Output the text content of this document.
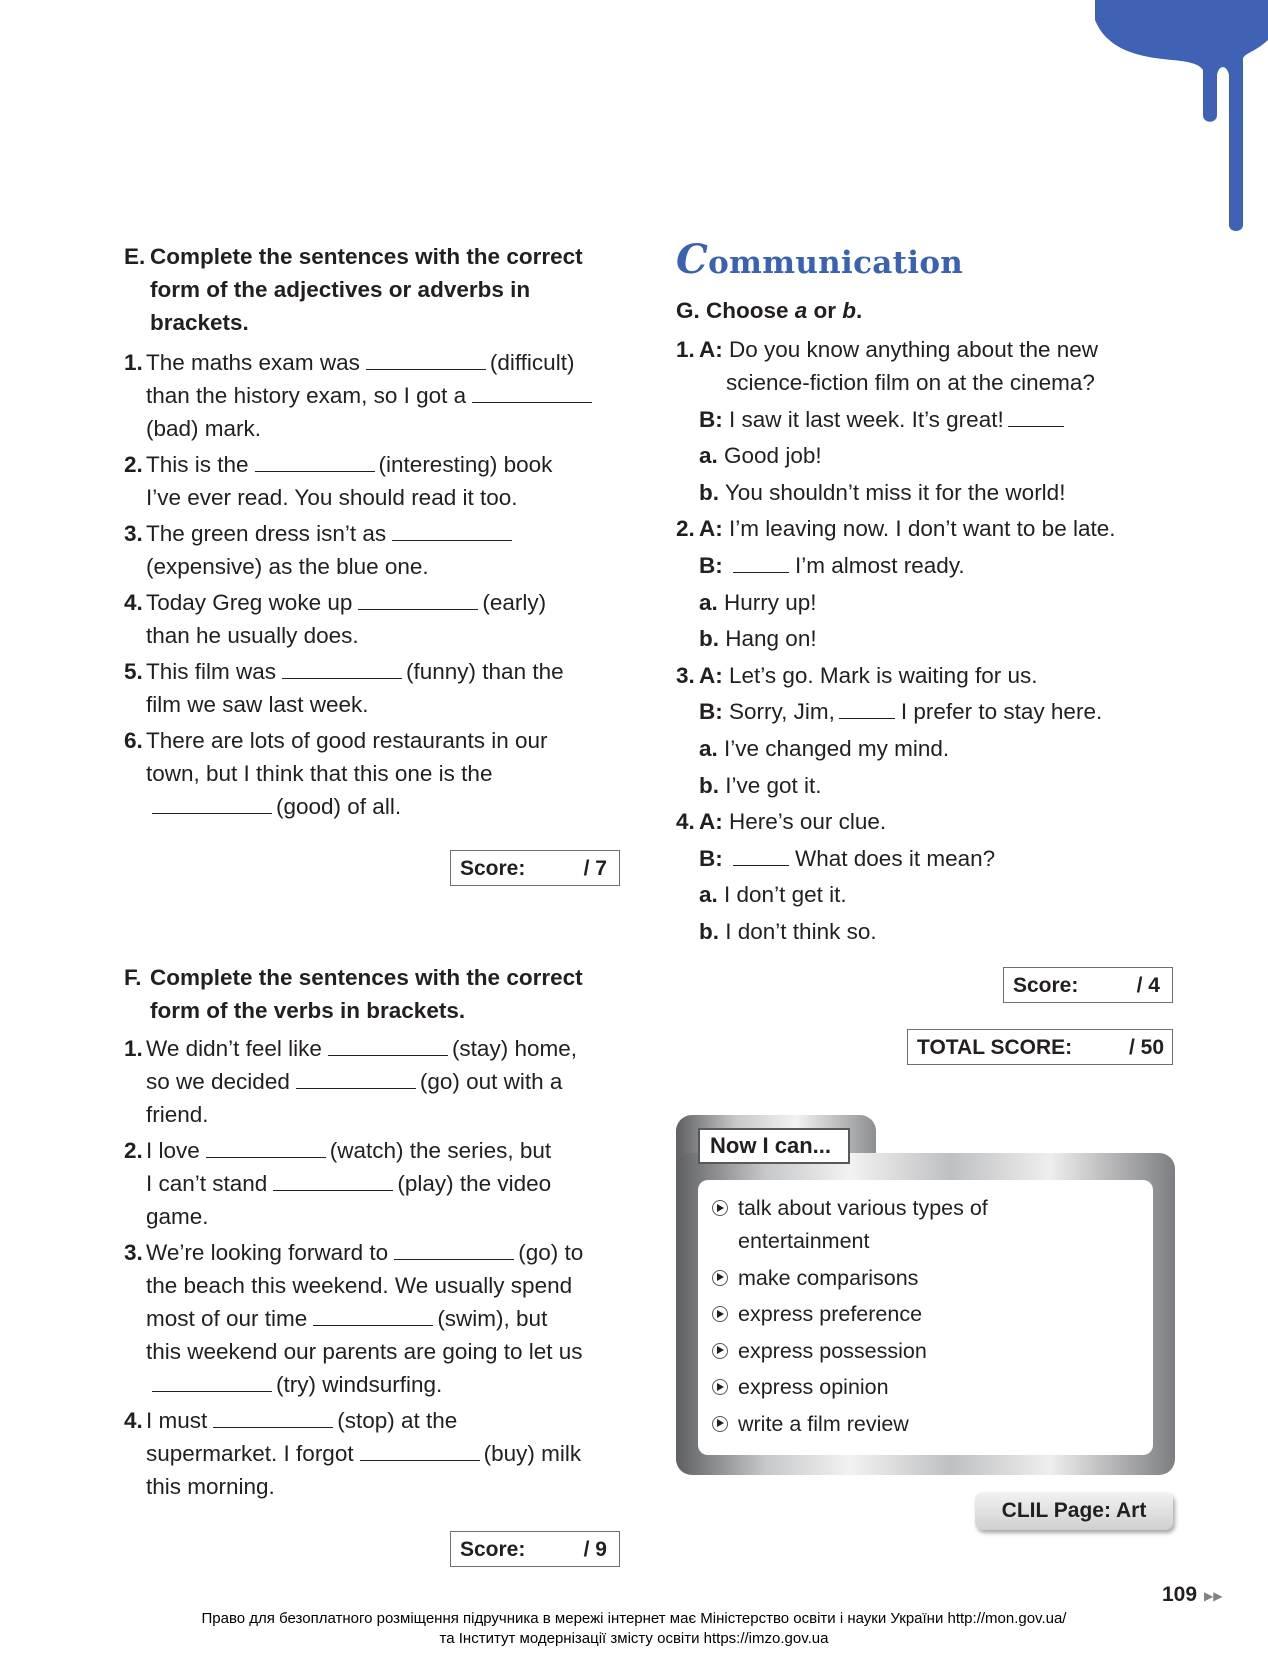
E. Complete the sentences with the correct
form of the adjectives or adverbs in
brackets.
1. The maths exam was	(difficult)
than the history exam, so I got a
(bad) mark.
2. This is the	(interesting) book
I’ve ever read. You should read it too.
3. The green dress isn’t as
(expensive) as the blue one.
4. Today Greg woke up	(early)
than he usually does.
5. This film was	(funny) than the
film we saw last week.
6. There are lots of good restaurants in our
town, but I think that this one is the
(good) of all.
Score:	/ 7
F. Complete the sentences with the correct
form of the verbs in brackets.
1. We didn’t feel like	(stay) home,
so we decided	(go) out with a
friend.
2. I love	(watch) the series, but
I can’t stand	(play) the video
game.
3. We’re looking forward to	(go) to
the beach this weekend. We usually spend
most of our time	(swim), but
this weekend our parents are going to let us
(try) windsurfing.
4. I must	(stop) at the
supermarket. I forgot	(buy) milk
this morning.
Score:	/ 9
Communication
G. Choose a or b.
1. A: Do you know anything about the new
science-fiction film on at the cinema?
B: I saw it last week. It’s great!
a. Good job!
b. You shouldn’t miss it for the world!
2. A: I’m leaving now. I don’t want to be late.
B:	I’m almost ready.
a. Hurry up!
b. Hang on!
3. A: Let’s go. Mark is waiting for us.
B: Sorry, Jim,	I prefer to stay here.
a. I’ve changed my mind.
b. I’ve got it.
4. A: Here’s our clue.
B:	What does it mean?
a. I don’t get it.
b. I don’t think so.
Score:	/ 4
TOTAL SCORE:	/ 50
Now I can...
talk about various types of
entertainment
make comparisons
express preference
express possession
express opinion
write a film review
CLIL Page: Art
109 ▶▶
Право для безоплатного розміщення підручника в мережі інтернет має Міністерство освіти і науки України http://mon.gov.ua/
та Інститут модернізації змісту освіти https://imzo.gov.ua
